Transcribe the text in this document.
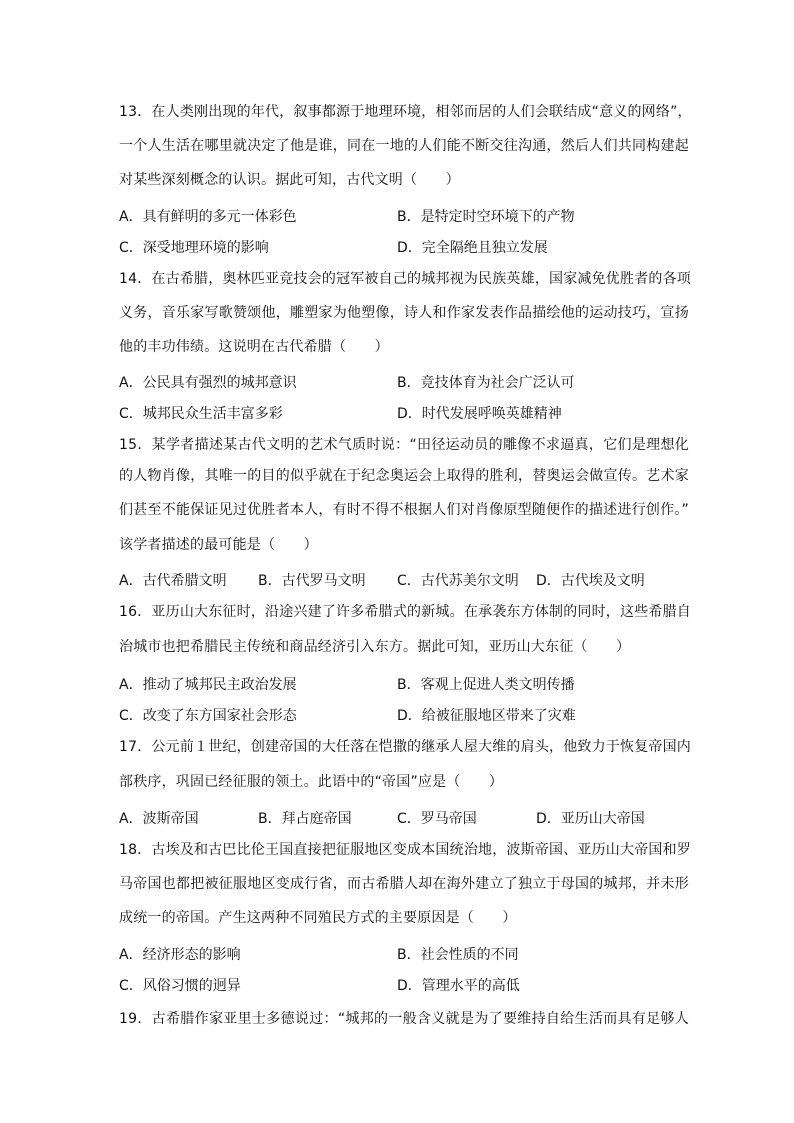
13．在人类刚出现的年代，叙事都源于地理环境，相邻而居的人们会联结成“意义的网络”，
一个人生活在哪里就决定了他是谁，同在一地的人们能不断交往沟通，然后人们共同构建起
对某些深刻概念的认识。据此可知，古代文明（　　）
A．具有鲜明的多元一体彩色	B．是特定时空环境下的产物
C．深受地理环境的影响	D．完全隔绝且独立发展
14．在古希腊，奥林匹亚竞技会的冠军被自己的城邦视为民族英雄，国家减免优胜者的各项
义务，音乐家写歌赞颂他，雕塑家为他塑像，诗人和作家发表作品描绘他的运动技巧，宣扬
他的丰功伟绩。这说明在古代希腊（　　）
A．公民具有强烈的城邦意识	B．竞技体育为社会广泛认可
C．城邦民众生活丰富多彩	D．时代发展呼唤英雄精神
15．某学者描述某古代文明的艺术气质时说：“田径运动员的雕像不求逼真，它们是理想化
的人物肖像，其唯一的目的似乎就在于纪念奥运会上取得的胜利，替奥运会做宣传。艺术家
们甚至不能保证见过优胜者本人，有时不得不根据人们对肖像原型随便作的描述进行创作。”
该学者描述的最可能是（　　）
A．古代希腊文明 B．古代罗马文明 C．古代苏美尔文明 D．古代埃及文明
16．亚历山大东征时，沿途兴建了许多希腊式的新城。在承袭东方体制的同时，这些希腊自
治城市也把希腊民主传统和商品经济引入东方。据此可知，亚历山大东征（　　）
A．推动了城邦民主政治发展	B．客观上促进人类文明传播
C．改变了东方国家社会形态	D．给被征服地区带来了灾难
17．公元前１世纪，创建帝国的大任落在恺撒的继承人屋大维的肩头，他致力于恢复帝国内
部秩序，巩固已经征服的领土。此语中的“帝国”应是（　　）
A．波斯帝国	B．拜占庭帝国	C．罗马帝国	D．亚历山大帝国
18．古埃及和古巴比伦王国直接把征服地区变成本国统治地，波斯帝国、亚历山大帝国和罗
马帝国也都把被征服地区变成行省，而古希腊人却在海外建立了独立于母国的城邦，并未形
成统一的帝国。产生这两种不同殖民方式的主要原因是（　　）
A．经济形态的影响	B．社会性质的不同
C．风俗习惯的迥异	D．管理水平的高低
19．古希腊作家亚里士多德说过：“城邦的一般含义就是为了要维持自给生活而具有足够人
